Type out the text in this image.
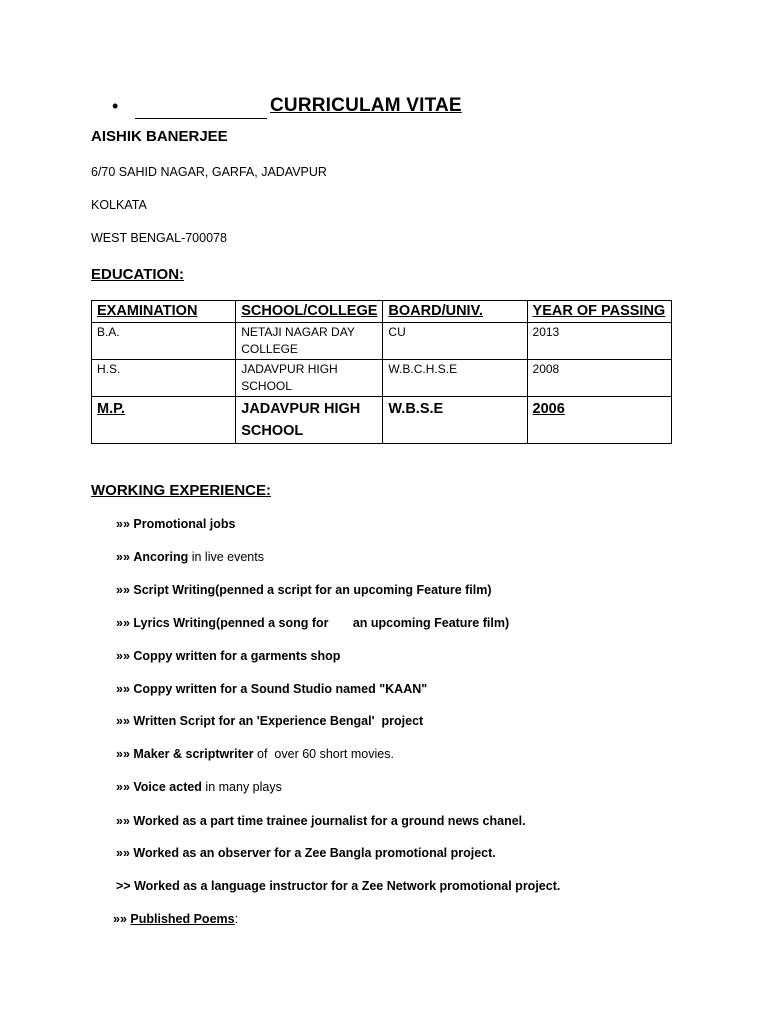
•	CURRICULAM VITAE
AISHIK BANERJEE
6/70 SAHID NAGAR, GARFA, JADAVPUR
KOLKATA
WEST BENGAL-700078
EDUCATION:
EXAMINATION	SCHOOL/COLLEGE	BOARD/UNIV.	YEAR OF PASSING
B.A.	NETAJI NAGAR DAY COLLEGE	CU	2013
H.S.	JADAVPUR HIGH SCHOOL	W.B.C.H.S.E	2008
M.P.	JADAVPUR HIGH SCHOOL	W.B.S.E	2006
WORKING EXPERIENCE:
»» Promotional jobs
»» Ancoring in live events
»» Script Writing(penned a script for an upcoming Feature film)
»» Lyrics Writing(penned a song for       an upcoming Feature film)
»» Coppy written for a garments shop
»» Coppy written for a Sound Studio named "KAAN"
»» Written Script for an 'Experience Bengal'  project
»» Maker & scriptwriter of  over 60 short movies.
»» Voice acted in many plays
»» Worked as a part time trainee journalist for a ground news chanel.
»» Worked as an observer for a Zee Bangla promotional project.
>> Worked as a language instructor for a Zee Network promotional project.
»» Published Poems:
